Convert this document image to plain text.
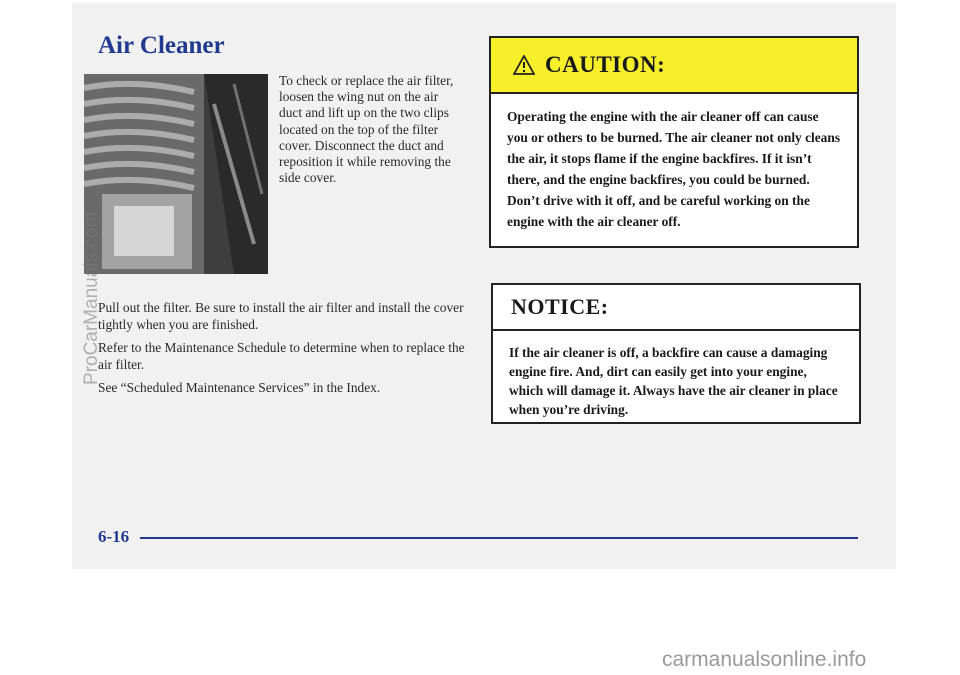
Air Cleaner
To check or replace the air filter, loosen the wing nut on the air duct and lift up on the two clips located on the top of the filter cover. Disconnect the duct and reposition it while removing the side cover.

Pull out the filter. Be sure to install the air filter and install the cover tightly when you are finished.

Refer to the Maintenance Schedule to determine when to replace the air filter.

See “Scheduled Maintenance Services” in the Index.

CAUTION:
Operating the engine with the air cleaner off can cause you or others to be burned. The air cleaner not only cleans the air, it stops flame if the engine backfires. If it isn’t there, and the engine backfires, you could be burned. Don’t drive with it off, and be careful working on the engine with the air cleaner off.
NOTICE:
If the air cleaner is off, a backfire can cause a damaging engine fire. And, dirt can easily get into your engine, which will damage it. Always have the air cleaner in place when you’re driving.
6-16
ProCarManuals.com
carmanualsonline.info
